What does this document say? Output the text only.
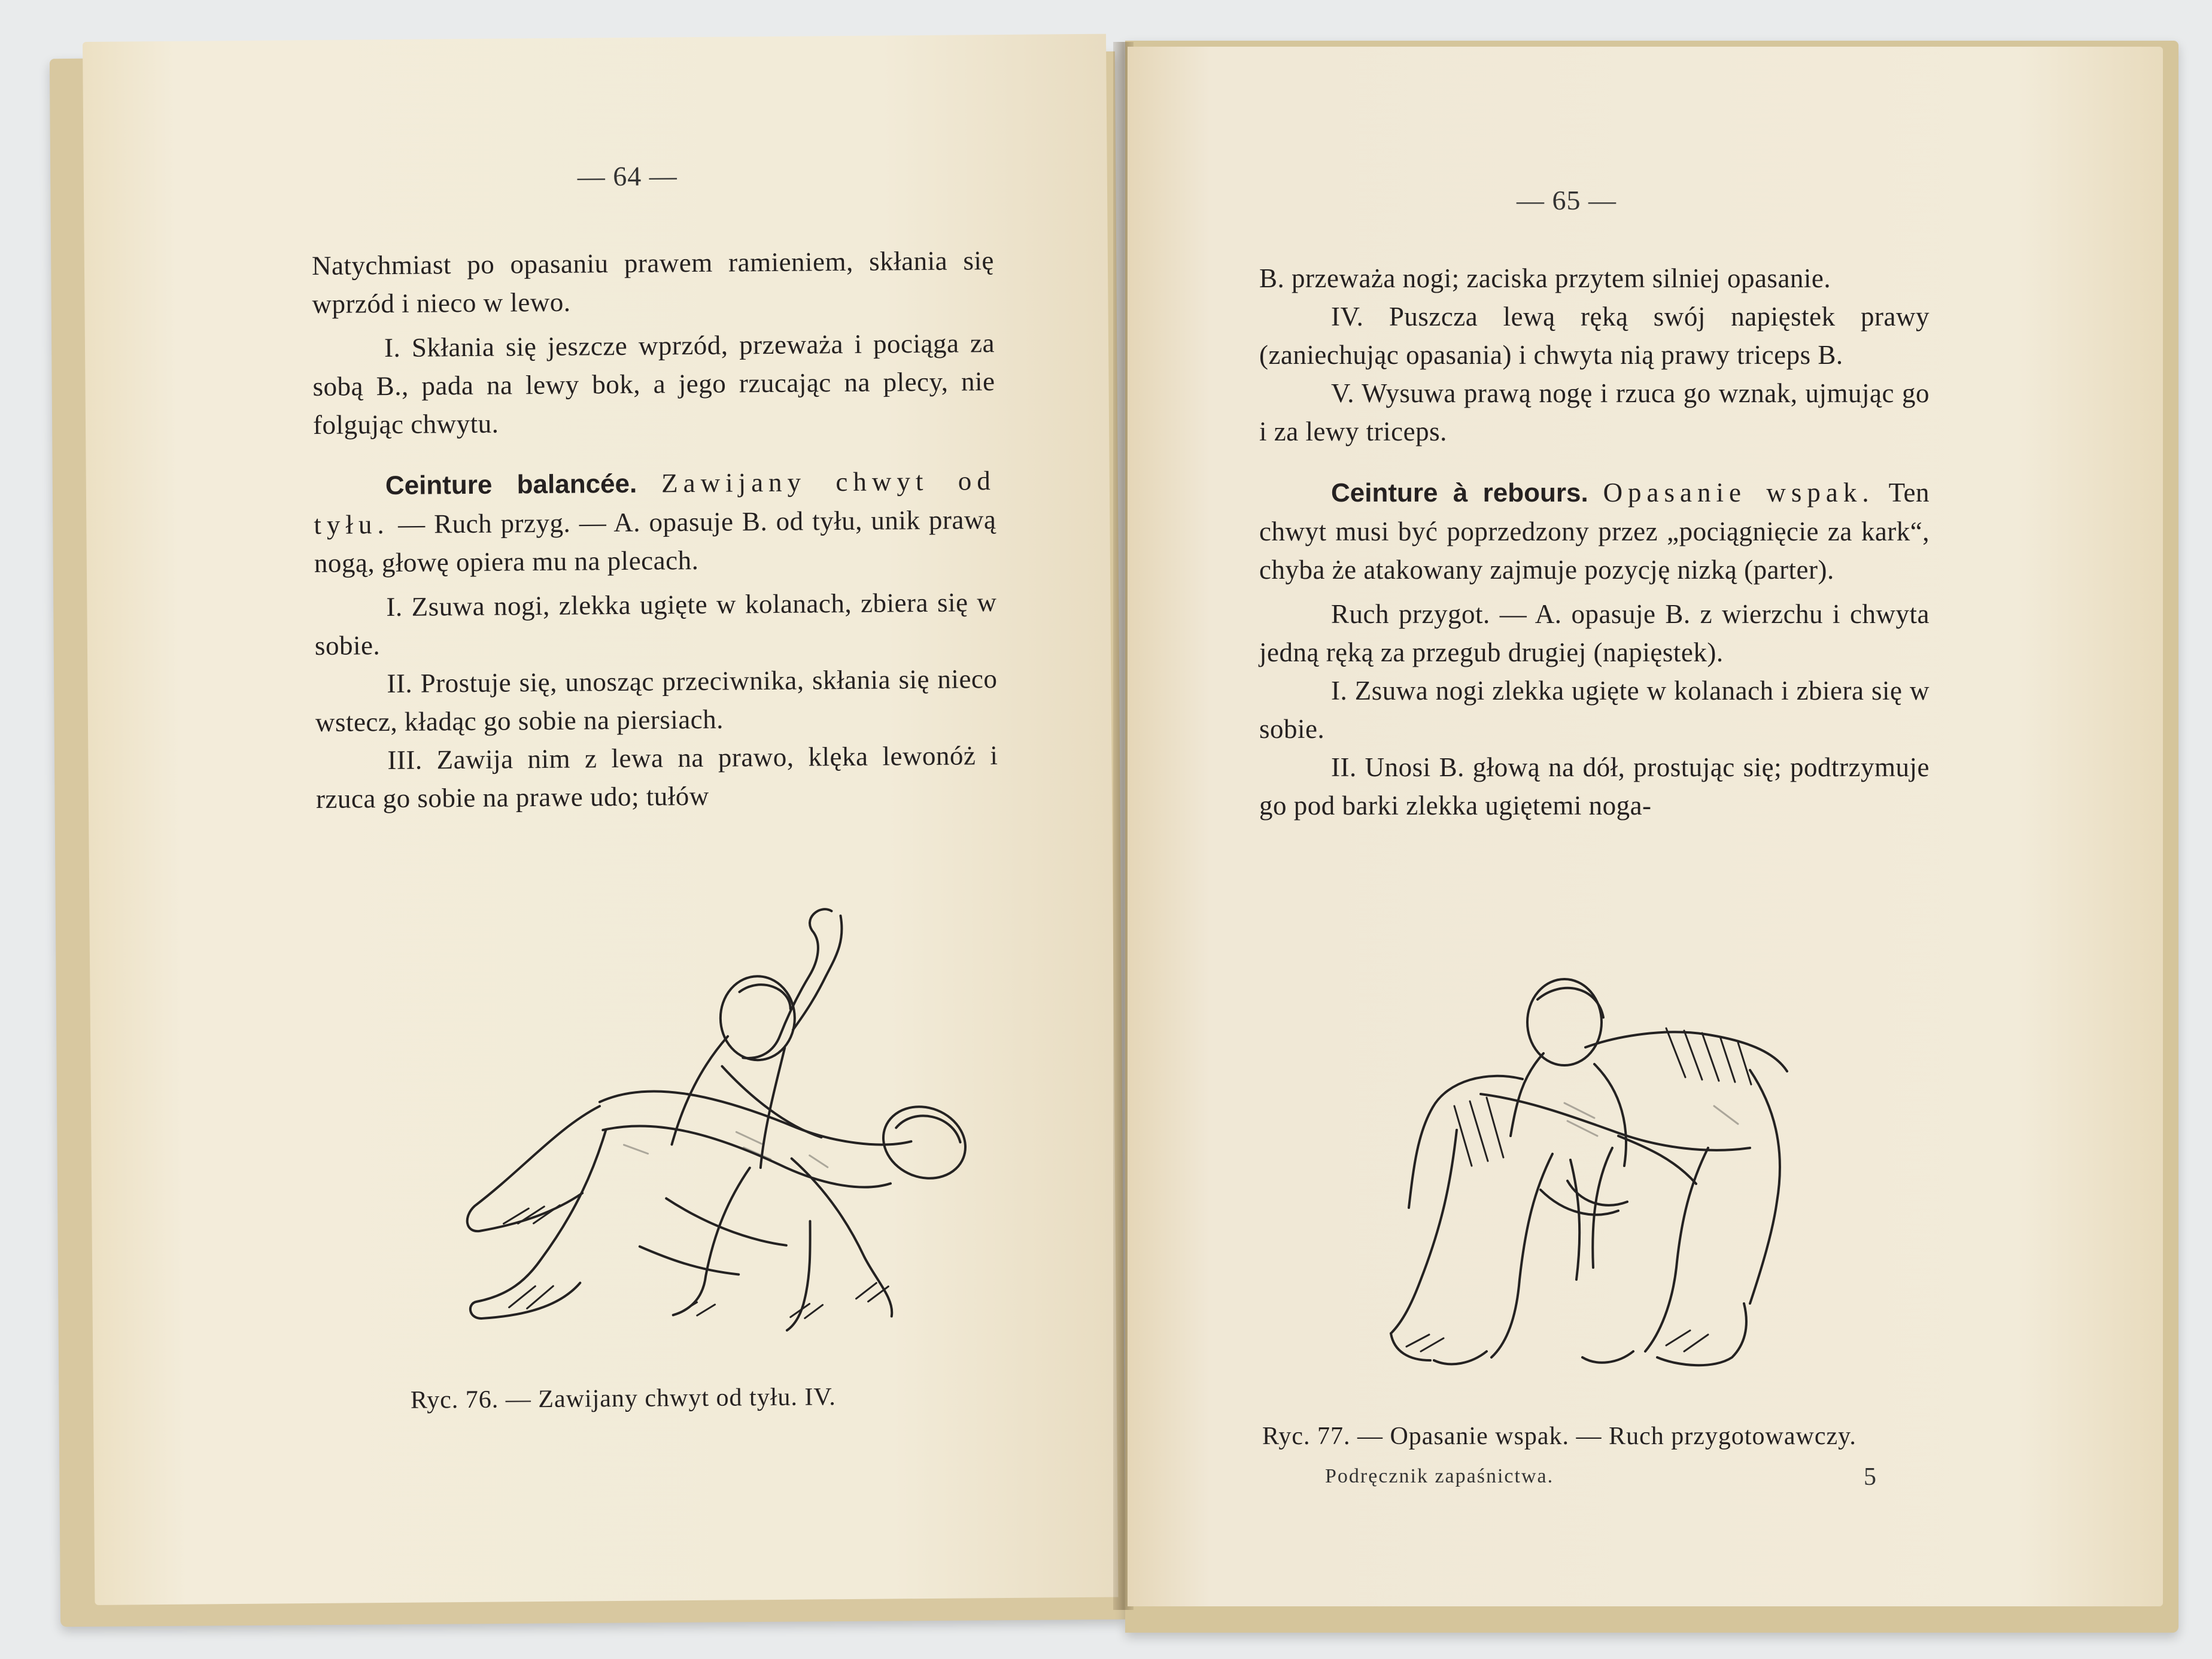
— 64 —

Natychmiast po opasaniu prawem ramieniem, skłania się wprzód i nieco w lewo.

I. Skłania się jeszcze wprzód, przeważa i pociąga za sobą B., pada na lewy bok, a jego rzucając na plecy, nie folgując chwytu.

Ceinture balancée. Zawijany chwyt od tyłu. — Ruch przyg. — A. opasuje B. od tyłu, unik prawą nogą, głowę opiera mu na plecach.

I. Zsuwa nogi, zlekka ugięte w kolanach, zbiera się w sobie.

II. Prostuje się, unosząc przeciwnika, skłania się nieco wstecz, kładąc go sobie na piersiach.

III. Zawija nim z lewa na prawo, klęka lewonóż i rzuca go sobie na prawe udo; tułów

Ryc. 76. — Zawijany chwyt od tyłu. IV.
— 65 —

B. przeważa nogi; zaciska przytem silniej opasanie.

IV. Puszcza lewą ręką swój napięstek prawy (zaniechując opasania) i chwyta nią prawy triceps B.

V. Wysuwa prawą nogę i rzuca go wznak, ujmując go i za lewy triceps.

Ceinture à rebours. Opasanie wspak. Ten chwyt musi być poprzedzony przez „pociągnięcie za kark“, chyba że atakowany zajmuje pozycję nizką (parter).

Ruch przygot. — A. opasuje B. z wierzchu i chwyta jedną ręką za przegub drugiej (napięstek).

I. Zsuwa nogi zlekka ugięte w kolanach i zbiera się w sobie.

II. Unosi B. głową na dół, prostując się; podtrzymuje go pod barki zlekka ugiętemi noga-

Ryc. 77. — Opasanie wspak. — Ruch przygotowawczy.
Podręcznik zapaśnictwa.	5
